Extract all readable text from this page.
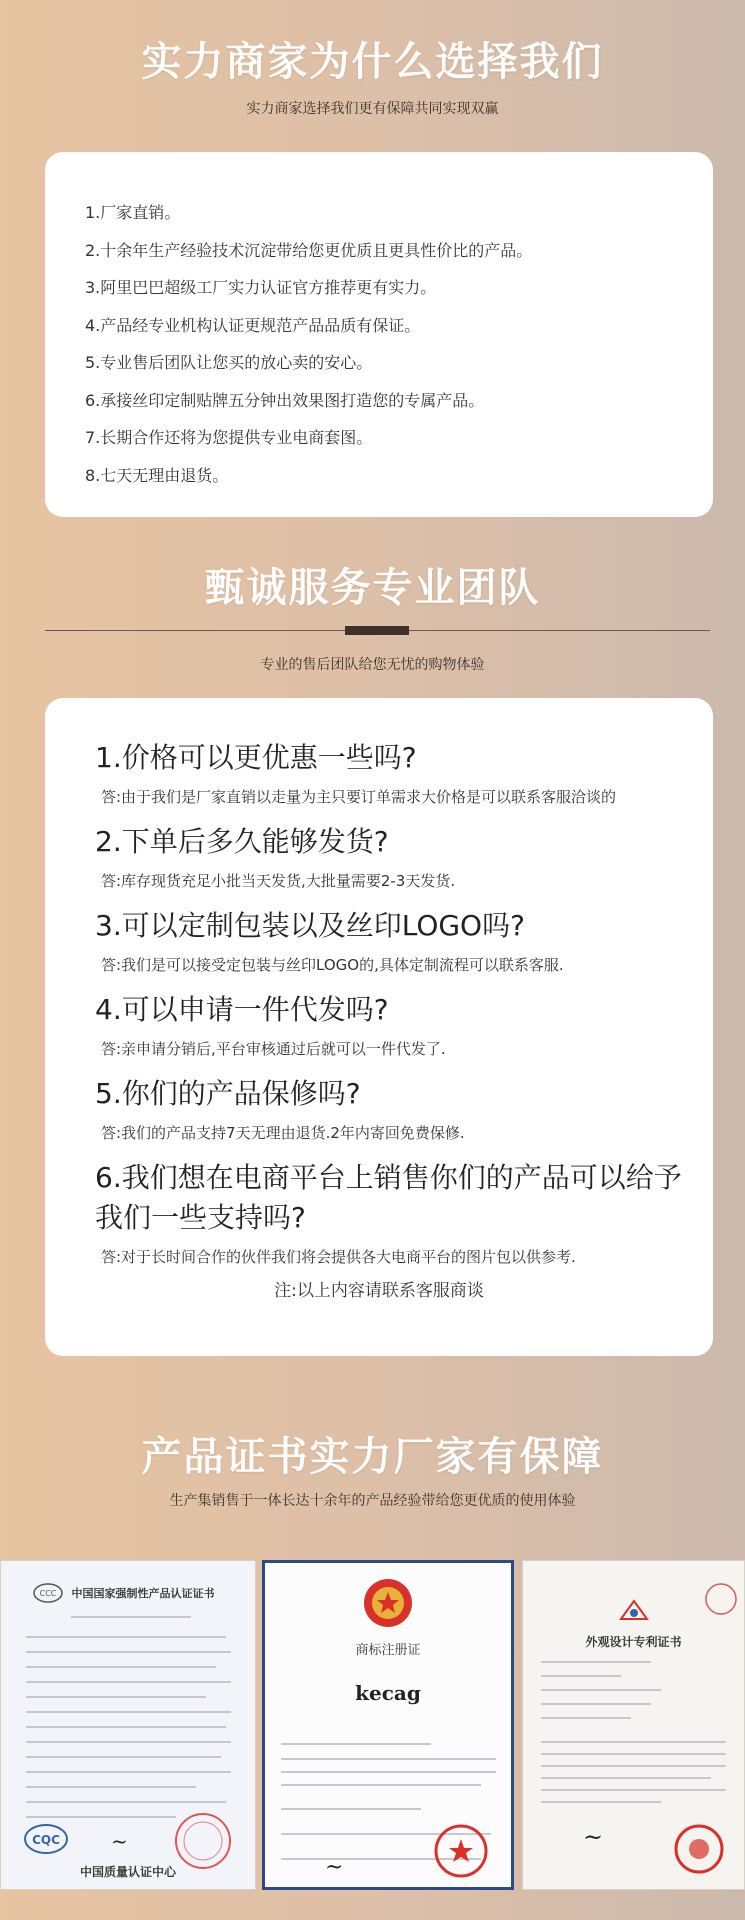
实力商家为什么选择我们
实力商家选择我们更有保障共同实现双赢
1.厂家直销。
2.十余年生产经验技术沉淀带给您更优质且更具性价比的产品。
3.阿里巴巴超级工厂实力认证官方推荐更有实力。
4.产品经专业机构认证更规范产品品质有保证。
5.专业售后团队让您买的放心卖的安心。
6.承接丝印定制贴牌五分钟出效果图打造您的专属产品。
7.长期合作还将为您提供专业电商套图。
8.七天无理由退货。
甄诚服务专业团队
专业的售后团队给您无忧的购物体验
1.价格可以更优惠一些吗?
答:由于我们是厂家直销以走量为主只要订单需求大价格是可以联系客服洽谈的
2.下单后多久能够发货?
答:库存现货充足小批当天发货,大批量需要2-3天发货.
3.可以定制包装以及丝印LOGO吗?
答:我们是可以接受定包装与丝印LOGO的,具体定制流程可以联系客服.
4.可以申请一件代发吗?
答:亲申请分销后,平台审核通过后就可以一件代发了.
5.你们的产品保修吗?
答:我们的产品支持7天无理由退货.2年内寄回免费保修.
6.我们想在电商平台上销售你们的产品可以给予我们一些支持吗?
答:对于长时间合作的伙伴我们将会提供各大电商平台的图片包以供参考.
注:以上内容请联系客服商谈
产品证书实力厂家有保障
生产集销售于一体长达十余年的产品经验带给您更优质的使用体验
CCC	中国国家强制性产品认证证书
CQC	~
中国质量认证中心
商标注册证
kecag
~
外观设计专利证书
~
